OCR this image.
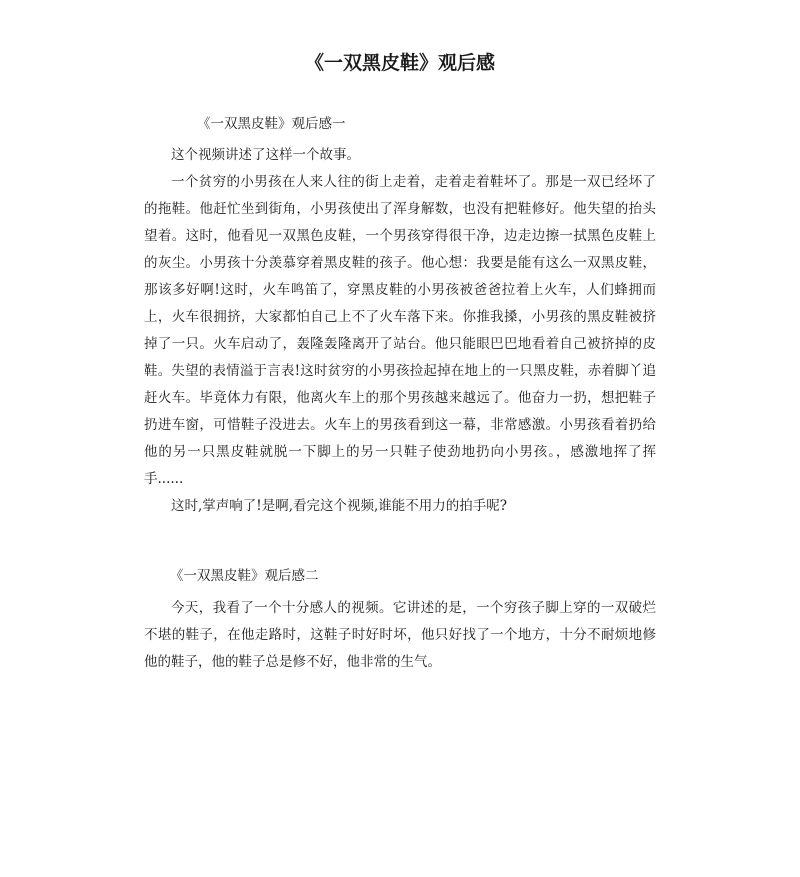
《一双黑皮鞋》观后感
《一双黑皮鞋》观后感一

这个视频讲述了这样一个故事。

一个贫穷的小男孩在人来人往的街上走着，走着走着鞋坏了。那是一双已经坏了的拖鞋。他赶忙坐到街角，小男孩使出了浑身解数，也没有把鞋修好。他失望的抬头望着。这时，他看见一双黑色皮鞋，一个男孩穿得很干净，边走边擦一拭黑色皮鞋上的灰尘。小男孩十分羡慕穿着黑皮鞋的孩子。他心想：我要是能有这么一双黑皮鞋，那该多好啊!这时，火车鸣笛了，穿黑皮鞋的小男孩被爸爸拉着上火车，人们蜂拥而上，火车很拥挤，大家都怕自己上不了火车落下来。你推我搡，小男孩的黑皮鞋被挤掉了一只。火车启动了，轰隆轰隆离开了站台。他只能眼巴巴地看着自己被挤掉的皮鞋。失望的表情溢于言表!这时贫穷的小男孩捡起掉在地上的一只黑皮鞋，赤着脚丫追赶火车。毕竟体力有限，他离火车上的那个男孩越来越远了。他奋力一扔，想把鞋子扔进车窗，可惜鞋子没进去。火车上的男孩看到这一幕，非常感激。小男孩看着扔给他的另一只黑皮鞋就脱一下脚上的另一只鞋子使劲地扔向小男孩。，感激地挥了挥手......

这时,掌声响了!是啊,看完这个视频,谁能不用力的拍手呢?

《一双黑皮鞋》观后感二

今天，我看了一个十分感人的视频。它讲述的是，一个穷孩子脚上穿的一双破烂不堪的鞋子，在他走路时，这鞋子时好时坏，他只好找了一个地方，十分不耐烦地修他的鞋子，他的鞋子总是修不好，他非常的生气。
